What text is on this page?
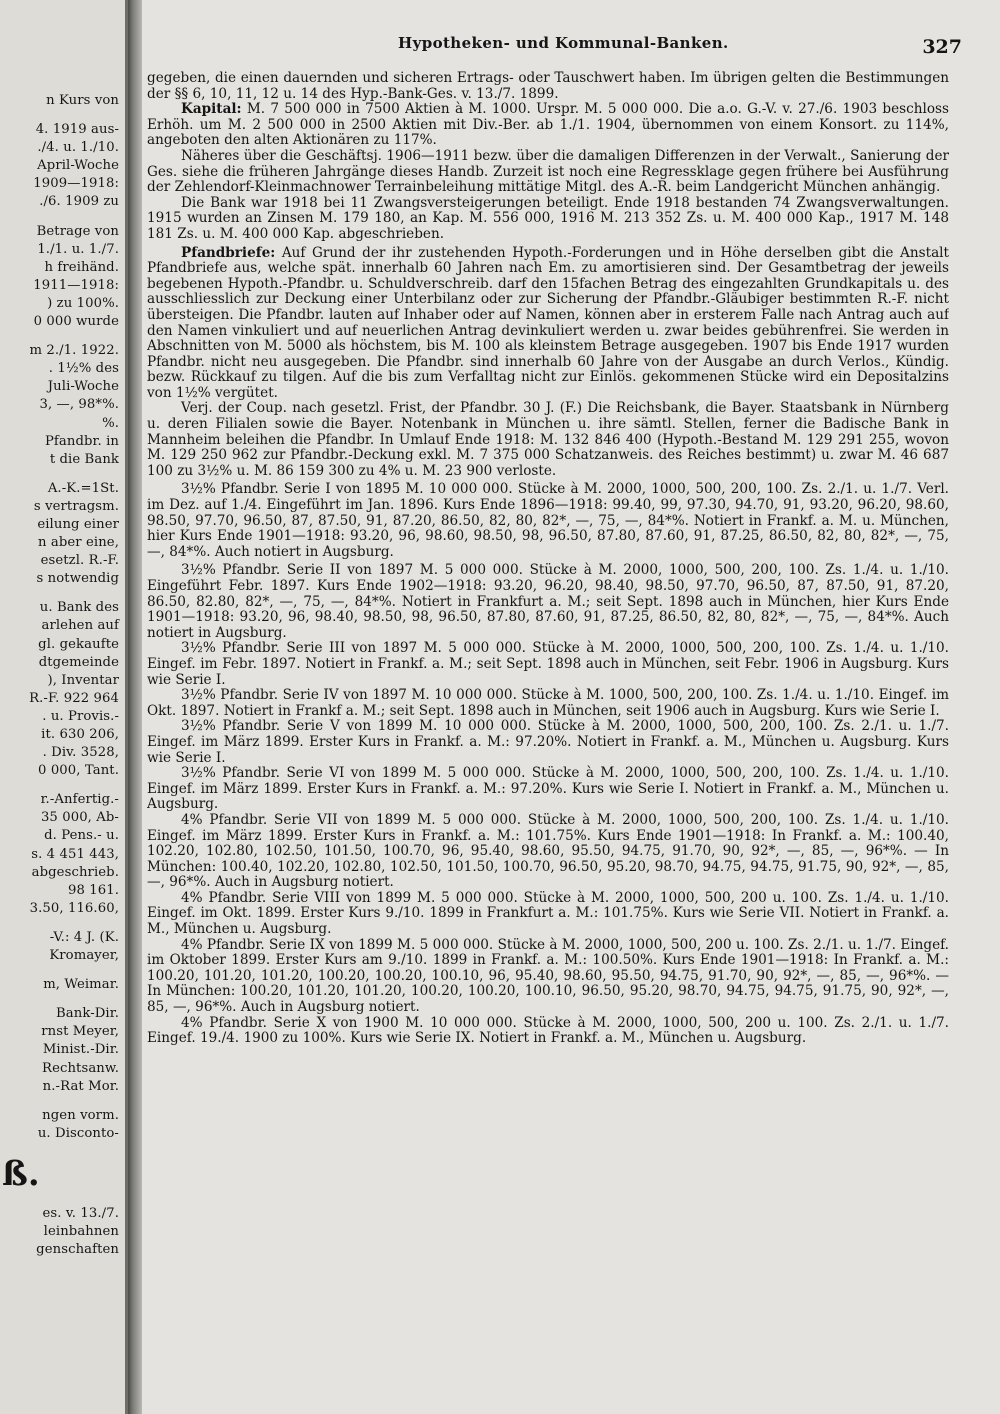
n Kurs von

4. 1919 aus-

./4. u. 1./10.

April-Woche

1909—1918:

./6. 1909 zu

Betrage von

1./1. u. 1./7.

h freihänd.

1911—1918:

) zu 100%.

0 000 wurde

m 2./1. 1922.

. 1½% des

Juli-Woche

3, —, 98*%.

%.

Pfandbr. in

t die Bank

A.-K.=1St.

s vertragsm.

eilung einer

n aber eine,

esetzl. R.-F.

s notwendig

u. Bank des

arlehen auf

gl. gekaufte

dtgemeinde

), Inventar

R.-F. 922 964

. u. Provis.-

it. 630 206,

. Div. 3528,

0 000, Tant.

r.-Anfertig.-

35 000, Ab-

d. Pens.- u.

s. 4 451 443,

abgeschrieb.

98 161.

3.50, 116.60,

-V.: 4 J. (K.

Kromayer,

m, Weimar.

Bank-Dir.

rnst Meyer,

Minist.-Dir.

Rechtsanw.

n.-Rat Mor.

ngen vorm.

u. Disconto-

ß.

es. v. 13./7.

leinbahnen

genschaften

Hypotheken- und Kommunal-Banken.	327

gegeben, die einen dauernden und sicheren Ertrags- oder Tauschwert haben. Im übrigen gelten die Bestimmungen der §§ 6, 10, 11, 12 u. 14 des Hyp.-Bank-Ges. v. 13./7. 1899.

Kapital: M. 7 500 000 in 7500 Aktien à M. 1000. Urspr. M. 5 000 000. Die a.o. G.-V. v. 27./6. 1903 beschloss Erhöh. um M. 2 500 000 in 2500 Aktien mit Div.-Ber. ab 1./1. 1904, übernommen von einem Konsort. zu 114%, angeboten den alten Aktionären zu 117%.

Näheres über die Geschäftsj. 1906—1911 bezw. über die damaligen Differenzen in der Verwalt., Sanierung der Ges. siehe die früheren Jahrgänge dieses Handb. Zurzeit ist noch eine Regressklage gegen frühere bei Ausführung der Zehlendorf-Kleinmachnower Terrainbeleihung mittätige Mitgl. des A.-R. beim Landgericht München anhängig.

Die Bank war 1918 bei 11 Zwangsversteigerungen beteiligt. Ende 1918 bestanden 74 Zwangsverwaltungen. 1915 wurden an Zinsen M. 179 180, an Kap. M. 556 000, 1916 M. 213 352 Zs. u. M. 400 000 Kap., 1917 M. 148 181 Zs. u. M. 400 000 Kap. abgeschrieben.

Pfandbriefe: Auf Grund der ihr zustehenden Hypoth.-Forderungen und in Höhe derselben gibt die Anstalt Pfandbriefe aus, welche spät. innerhalb 60 Jahren nach Em. zu amortisieren sind. Der Gesamtbetrag der jeweils begebenen Hypoth.-Pfandbr. u. Schuldverschreib. darf den 15fachen Betrag des eingezahlten Grundkapitals u. des ausschliesslich zur Deckung einer Unterbilanz oder zur Sicherung der Pfandbr.-Gläubiger bestimmten R.-F. nicht übersteigen. Die Pfandbr. lauten auf Inhaber oder auf Namen, können aber in ersterem Falle nach Antrag auch auf den Namen vinkuliert und auf neuerlichen Antrag devinkuliert werden u. zwar beides gebührenfrei. Sie werden in Abschnitten von M. 5000 als höchstem, bis M. 100 als kleinstem Betrage ausgegeben. 1907 bis Ende 1917 wurden Pfandbr. nicht neu ausgegeben. Die Pfandbr. sind innerhalb 60 Jahre von der Ausgabe an durch Verlos., Kündig. bezw. Rückkauf zu tilgen. Auf die bis zum Verfalltag nicht zur Einlös. gekommenen Stücke wird ein Depositalzins von 1½% vergütet.

Verj. der Coup. nach gesetzl. Frist, der Pfandbr. 30 J. (F.) Die Reichsbank, die Bayer. Staatsbank in Nürnberg u. deren Filialen sowie die Bayer. Notenbank in München u. ihre sämtl. Stellen, ferner die Badische Bank in Mannheim beleihen die Pfandbr. In Umlauf Ende 1918: M. 132 846 400 (Hypoth.-Bestand M. 129 291 255, wovon M. 129 250 962 zur Pfandbr.-Deckung exkl. M. 7 375 000 Schatzanweis. des Reiches bestimmt) u. zwar M. 46 687 100 zu 3½% u. M. 86 159 300 zu 4% u. M. 23 900 verloste.

3½% Pfandbr. Serie I von 1895 M. 10 000 000. Stücke à M. 2000, 1000, 500, 200, 100. Zs. 2./1. u. 1./7. Verl. im Dez. auf 1./4. Eingeführt im Jan. 1896. Kurs Ende 1896—1918: 99.40, 99, 97.30, 94.70, 91, 93.20, 96.20, 98.60, 98.50, 97.70, 96.50, 87, 87.50, 91, 87.20, 86.50, 82, 80, 82*, —, 75, —, 84*%. Notiert in Frankf. a. M. u. München, hier Kurs Ende 1901—1918: 93.20, 96, 98.60, 98.50, 98, 96.50, 87.80, 87.60, 91, 87.25, 86.50, 82, 80, 82*, —, 75, —, 84*%. Auch notiert in Augsburg.

3½% Pfandbr. Serie II von 1897 M. 5 000 000. Stücke à M. 2000, 1000, 500, 200, 100. Zs. 1./4. u. 1./10. Eingeführt Febr. 1897. Kurs Ende 1902—1918: 93.20, 96.20, 98.40, 98.50, 97.70, 96.50, 87, 87.50, 91, 87.20, 86.50, 82.80, 82*, —, 75, —, 84*%. Notiert in Frankfurt a. M.; seit Sept. 1898 auch in München, hier Kurs Ende 1901—1918: 93.20, 96, 98.40, 98.50, 98, 96.50, 87.80, 87.60, 91, 87.25, 86.50, 82, 80, 82*, —, 75, —, 84*%. Auch notiert in Augsburg.

3½% Pfandbr. Serie III von 1897 M. 5 000 000. Stücke à M. 2000, 1000, 500, 200, 100. Zs. 1./4. u. 1./10. Eingef. im Febr. 1897. Notiert in Frankf. a. M.; seit Sept. 1898 auch in München, seit Febr. 1906 in Augsburg. Kurs wie Serie I.

3½% Pfandbr. Serie IV von 1897 M. 10 000 000. Stücke à M. 1000, 500, 200, 100. Zs. 1./4. u. 1./10. Eingef. im Okt. 1897. Notiert in Frankf a. M.; seit Sept. 1898 auch in München, seit 1906 auch in Augsburg. Kurs wie Serie I.

3½% Pfandbr. Serie V von 1899 M. 10 000 000. Stücke à M. 2000, 1000, 500, 200, 100. Zs. 2./1. u. 1./7. Eingef. im März 1899. Erster Kurs in Frankf. a. M.: 97.20%. Notiert in Frankf. a. M., München u. Augsburg. Kurs wie Serie I.

3½% Pfandbr. Serie VI von 1899 M. 5 000 000. Stücke à M. 2000, 1000, 500, 200, 100. Zs. 1./4. u. 1./10. Eingef. im März 1899. Erster Kurs in Frankf. a. M.: 97.20%. Kurs wie Serie I. Notiert in Frankf. a. M., München u. Augsburg.

4% Pfandbr. Serie VII von 1899 M. 5 000 000. Stücke à M. 2000, 1000, 500, 200, 100. Zs. 1./4. u. 1./10. Eingef. im März 1899. Erster Kurs in Frankf. a. M.: 101.75%. Kurs Ende 1901—1918: In Frankf. a. M.: 100.40, 102.20, 102.80, 102.50, 101.50, 100.70, 96, 95.40, 98.60, 95.50, 94.75, 91.70, 90, 92*, —, 85, —, 96*%. — In München: 100.40, 102.20, 102.80, 102.50, 101.50, 100.70, 96.50, 95.20, 98.70, 94.75, 94.75, 91.75, 90, 92*, —, 85, —, 96*%. Auch in Augsburg notiert.

4% Pfandbr. Serie VIII von 1899 M. 5 000 000. Stücke à M. 2000, 1000, 500, 200 u. 100. Zs. 1./4. u. 1./10. Eingef. im Okt. 1899. Erster Kurs 9./10. 1899 in Frankfurt a. M.: 101.75%. Kurs wie Serie VII. Notiert in Frankf. a. M., München u. Augsburg.

4% Pfandbr. Serie IX von 1899 M. 5 000 000. Stücke à M. 2000, 1000, 500, 200 u. 100. Zs. 2./1. u. 1./7. Eingef. im Oktober 1899. Erster Kurs am 9./10. 1899 in Frankf. a. M.: 100.50%. Kurs Ende 1901—1918: In Frankf. a. M.: 100.20, 101.20, 101.20, 100.20, 100.20, 100.10, 96, 95.40, 98.60, 95.50, 94.75, 91.70, 90, 92*, —, 85, —, 96*%. — In München: 100.20, 101.20, 101.20, 100.20, 100.20, 100.10, 96.50, 95.20, 98.70, 94.75, 94.75, 91.75, 90, 92*, —, 85, —, 96*%. Auch in Augsburg notiert.

4% Pfandbr. Serie X von 1900 M. 10 000 000. Stücke à M. 2000, 1000, 500, 200 u. 100. Zs. 2./1. u. 1./7. Eingef. 19./4. 1900 zu 100%. Kurs wie Serie IX. Notiert in Frankf. a. M., München u. Augsburg.
